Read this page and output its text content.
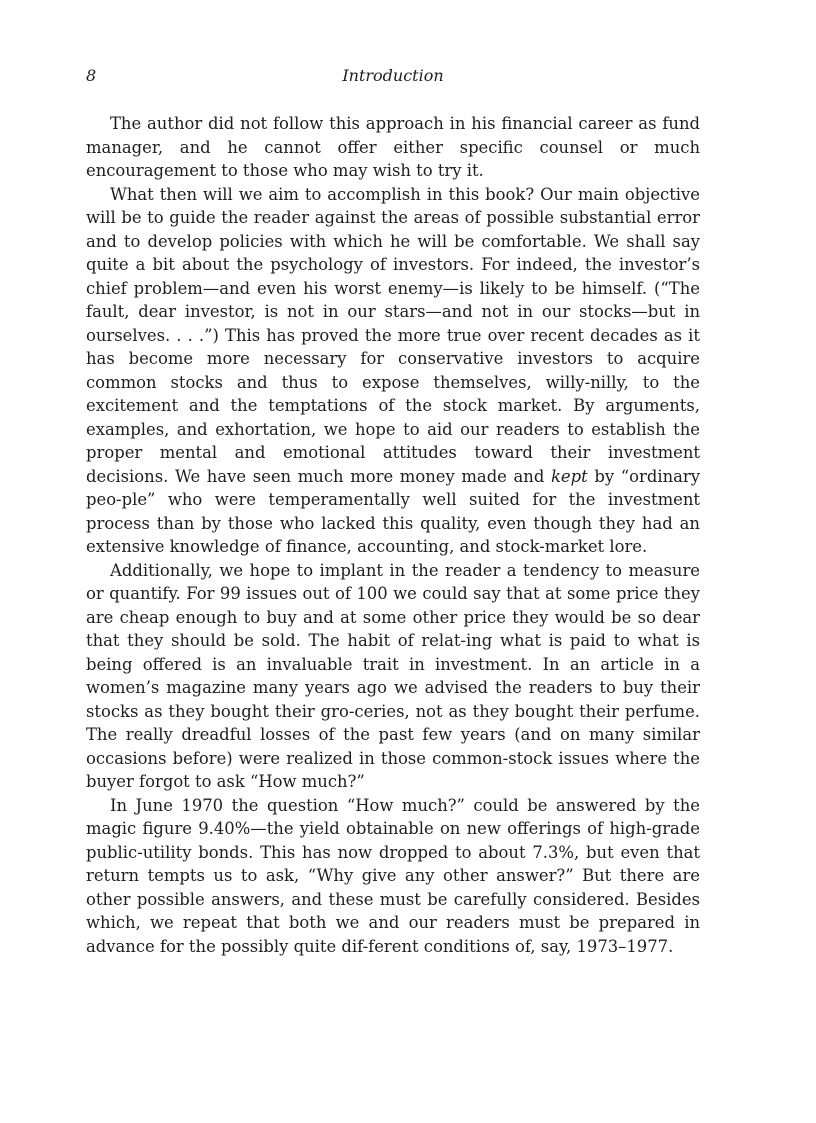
8	Introduction

The author did not follow this approach in his financial career as fund manager, and he cannot offer either specific counsel or much encouragement to those who may wish to try it.

What then will we aim to accomplish in this book? Our main objective will be to guide the reader against the areas of possible substantial error and to develop policies with which he will be comfortable. We shall say quite a bit about the psychology of investors. For indeed, the investor’s chief problem—and even his worst enemy—is likely to be himself. (“The fault, dear investor, is not in our stars—and not in our stocks—but in ourselves. . . .”) This has proved the more true over recent decades as it has become more necessary for conservative investors to acquire common stocks and thus to expose themselves, willy-nilly, to the excitement and the temptations of the stock market. By arguments, examples, and exhortation, we hope to aid our readers to establish the proper mental and emotional attitudes toward their investment decisions. We have seen much more money made and kept by “ordinary peo-ple” who were temperamentally well suited for the investment process than by those who lacked this quality, even though they had an extensive knowledge of finance, accounting, and stock-market lore.

Additionally, we hope to implant in the reader a tendency to measure or quantify. For 99 issues out of 100 we could say that at some price they are cheap enough to buy and at some other price they would be so dear that they should be sold. The habit of relat-ing what is paid to what is being offered is an invaluable trait in investment. In an article in a women’s magazine many years ago we advised the readers to buy their stocks as they bought their gro-ceries, not as they bought their perfume. The really dreadful losses of the past few years (and on many similar occasions before) were realized in those common-stock issues where the buyer forgot to ask “How much?”

In June 1970 the question “How much?” could be answered by the magic figure 9.40%—the yield obtainable on new offerings of high-grade public-utility bonds. This has now dropped to about 7.3%, but even that return tempts us to ask, “Why give any other answer?” But there are other possible answers, and these must be carefully considered. Besides which, we repeat that both we and our readers must be prepared in advance for the possibly quite dif-ferent conditions of, say, 1973–1977.
